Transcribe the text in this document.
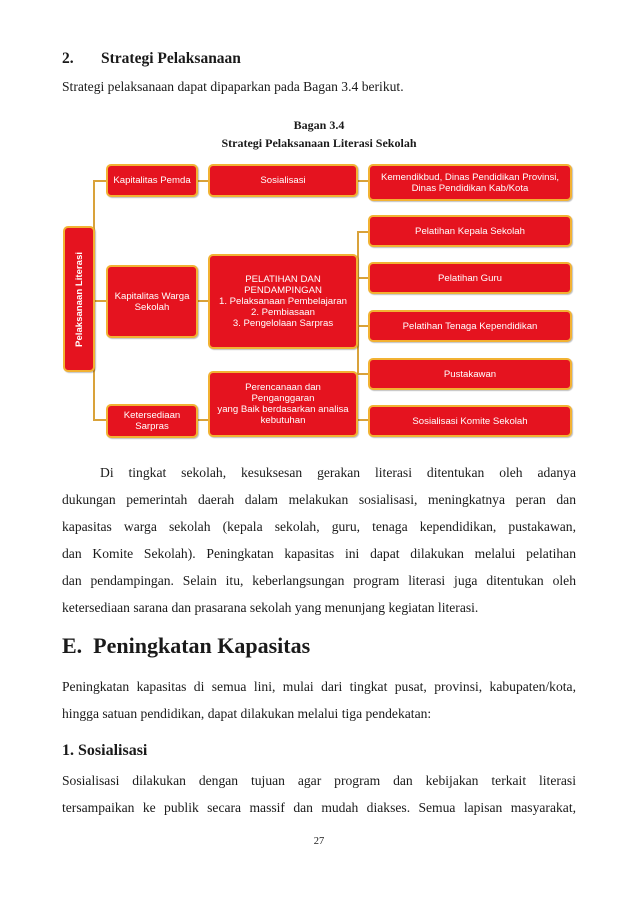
2. Strategi Pelaksanaan
Strategi pelaksanaan dapat dipaparkan pada Bagan 3.4 berikut.
Bagan 3.4
Strategi Pelaksanaan Literasi Sekolah
Pelaksanaan Literasi
Kapitalitas Pemda
Kapitalitas Warga
Sekolah
Ketersediaan
Sarpras
Sosialisasi
PELATIHAN DAN
PENDAMPINGAN
1. Pelaksanaan Pembelajaran
2. Pembiasaan
3. Pengelolaan Sarpras
Perencanaan dan Penganggaran
yang Baik berdasarkan analisa
kebutuhan
Kemendikbud, Dinas Pendidikan Provinsi,
Dinas Pendidikan Kab/Kota
Pelatihan Kepala Sekolah
Pelatihan Guru
Pelatihan Tenaga Kependidikan
Pustakawan
Sosialisasi Komite Sekolah
Di tingkat sekolah, kesuksesan gerakan literasi ditentukan oleh adanya
dukungan pemerintah daerah dalam melakukan sosialisasi, meningkatnya peran dan
kapasitas warga sekolah (kepala sekolah, guru, tenaga kependidikan, pustakawan,
dan Komite Sekolah). Peningkatan kapasitas ini dapat dilakukan melalui pelatihan
dan pendampingan. Selain itu, keberlangsungan program literasi juga ditentukan oleh
ketersediaan sarana dan prasarana sekolah yang menunjang kegiatan literasi.
E.  Peningkatan Kapasitas
Peningkatan kapasitas di semua lini, mulai dari tingkat pusat, provinsi, kabupaten/kota,
hingga satuan pendidikan, dapat dilakukan melalui tiga pendekatan:
1. Sosialisasi
Sosialisasi dilakukan dengan tujuan agar program dan kebijakan terkait literasi
tersampaikan ke publik secara massif dan mudah diakses. Semua lapisan masyarakat,
27
